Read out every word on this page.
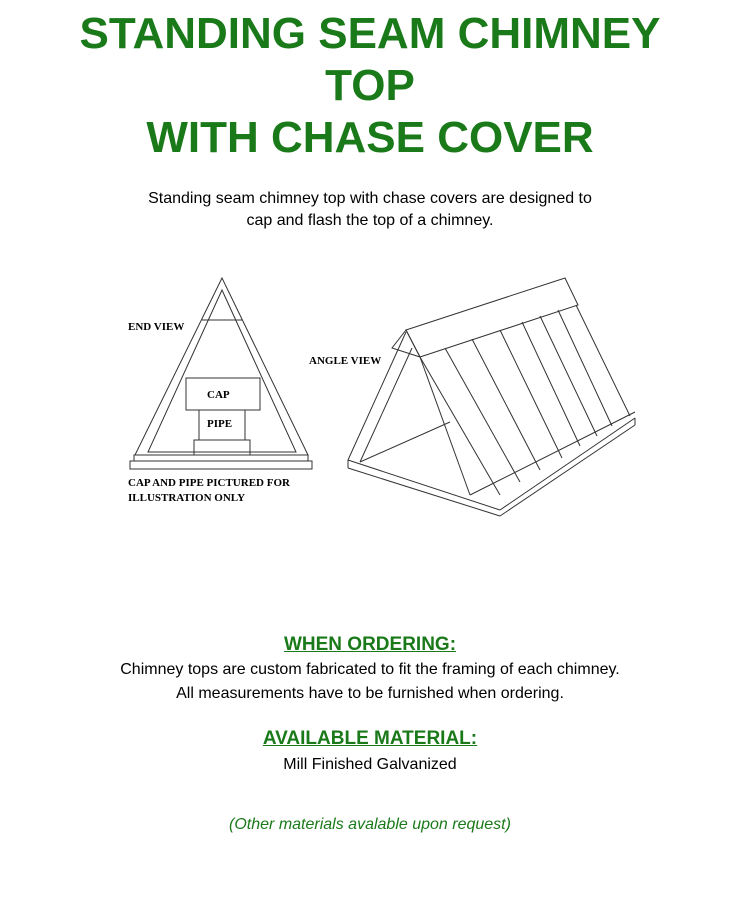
STANDING SEAM CHIMNEY
TOP
WITH CHASE COVER
Standing seam chimney top with chase covers are designed to
cap and flash the top of a chimney.
END VIEW
ANGLE VIEW
CAP
PIPE
CAP AND PIPE PICTURED FOR
ILLUSTRATION ONLY
WHEN ORDERING:
Chimney tops are custom fabricated to fit the framing of each chimney.
All measurements have to be furnished when ordering.
AVAILABLE MATERIAL:
Mill Finished Galvanized
(Other materials avalable upon request)
